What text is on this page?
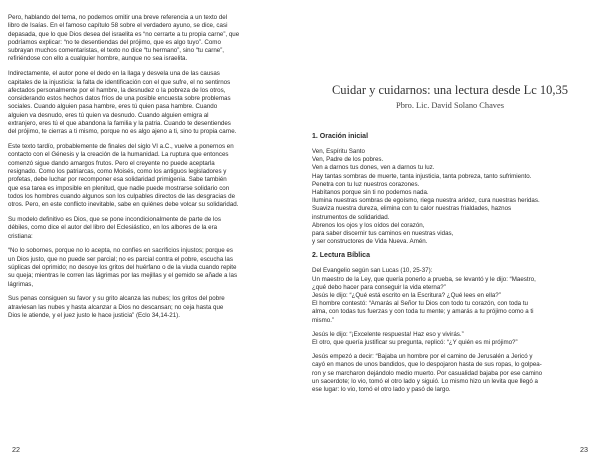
Pero, hablando del tema, no podemos omitir una breve referencia a un texto del
libro de Isaías. En el famoso capítulo 58 sobre el verdadero ayuno, se dice, casi
depasada, que lo que Dios desea del israelita es “no cerrarte a tu propia carne”, que
podríamos explicar: “no te desentiendas del prójimo, que es algo tuyo”. Como
subrayan muchos comentaristas, el texto no dice “tu hermano”, sino “tu carne”,
refiriéndose con ello a cualquier hombre, aunque no sea israelita.
Indirectamente, el autor pone el dedo en la llaga y desvela una de las causas
capitales de la injusticia: la falta de identificación con el que sufre, el no sentirnos
afectados personalmente por el hambre, la desnudez o la pobreza de los otros,
considerando estos hechos datos fríos de una posible encuesta sobre problemas
sociales. Cuando alguien pasa hambre, eres tú quien pasa hambre. Cuando
alguien va desnudo, eres tú quien va desnudo. Cuando alguien emigra al
extranjero, eres tú el que abandona la familia y la patria. Cuando te desentiendes
del prójimo, te cierras a ti mismo, porque no es algo ajeno a ti, sino tu propia carne.
Este texto tardío, probablemente de finales del siglo VI a.C., vuelve a ponernos en
contacto con el Génesis y la creación de la humanidad. La ruptura que entonces
comenzó sigue dando amargos frutos. Pero el creyente no puede aceptarla
resignado. Como los patriarcas, como Moisés, como los antiguos legisladores y
profetas, debe luchar por recomponer esa solidaridad primigenia. Sabe también
que esa tarea es imposible en plenitud, que nadie puede mostrarse solidario con
todos los hombres cuando algunos son los culpables directos de las desgracias de
otros. Pero, en este conflicto inevitable, sabe en quiénes debe volcar su solidaridad.
Su modelo definitivo es Dios, que se pone incondicionalmente de parte de los
débiles, como dice el autor del libro del Eclesiástico, en los albores de la era
cristiana:
“No lo sobornes, porque no lo acepta, no confíes en sacrificios injustos; porque es
un Dios justo, que no puede ser parcial; no es parcial contra el pobre, escucha las
súplicas del oprimido; no desoye los gritos del huérfano o de la viuda cuando repite
su queja; mientras le corren las lágrimas por las mejillas y el gemido se añade a las
lágrimas,
Sus penas consiguen su favor y su grito alcanza las nubes; los gritos del pobre
atraviesan las nubes y hasta alcanzar a Dios no descansan; no ceja hasta que
Dios le atiende, y el juez justo le hace justicia” (Eclo 34,14-21).
22
Cuidar y cuidarnos: una lectura desde Lc 10,35
Pbro. Lic. David Solano Chaves
1. Oración inicial
Ven, Espíritu Santo
Ven, Padre de los pobres.
Ven a darnos tus dones, ven a darnos tu luz.
Hay tantas sombras de muerte, tanta injusticia, tanta pobreza, tanto sufrimiento.
Penetra con tu luz nuestros corazones.
Habítanos porque sin ti no podemos nada.
Ilumina nuestras sombras de egoísmo, riega nuestra aridez, cura nuestras heridas.
Suaviza nuestra dureza, elimina con tu calor nuestras frialdades, haznos
instrumentos de solidaridad.
Ábrenos los ojos y los oídos del corazón,
para saber discernir tus caminos en nuestras vidas,
y ser constructores de Vida Nueva. Amén.
2. Lectura Bíblica
Del Evangelio según san Lucas (10, 25-37):
Un maestro de la Ley, que quería ponerlo a prueba, se levantó y le dijo: “Maestro,
¿qué debo hacer para conseguir la vida eterna?”
Jesús le dijo: “¿Qué está escrito en la Escritura? ¿Qué lees en ella?”
El hombre contestó: “Amarás al Señor tu Dios con todo tu corazón, con toda tu
alma, con todas tus fuerzas y con toda tu mente; y amarás a tu prójimo como a ti
mismo.”
Jesús le dijo: “¡Excelente respuesta! Haz eso y vivirás.”
El otro, que quería justificar su pregunta, replicó: “¿Y quién es mi prójimo?”
Jesús empezó a decir: “Bajaba un hombre por el camino de Jerusalén a Jericó y
cayó en manos de unos bandidos, que lo despojaron hasta de sus ropas, lo golpea-
ron y se marcharon dejándolo medio muerto. Por casualidad bajaba por ese camino
un sacerdote; lo vio, tomó el otro lado y siguió. Lo mismo hizo un levita que llegó a
ese lugar: lo vio, tomó el otro lado y pasó de largo.
23
